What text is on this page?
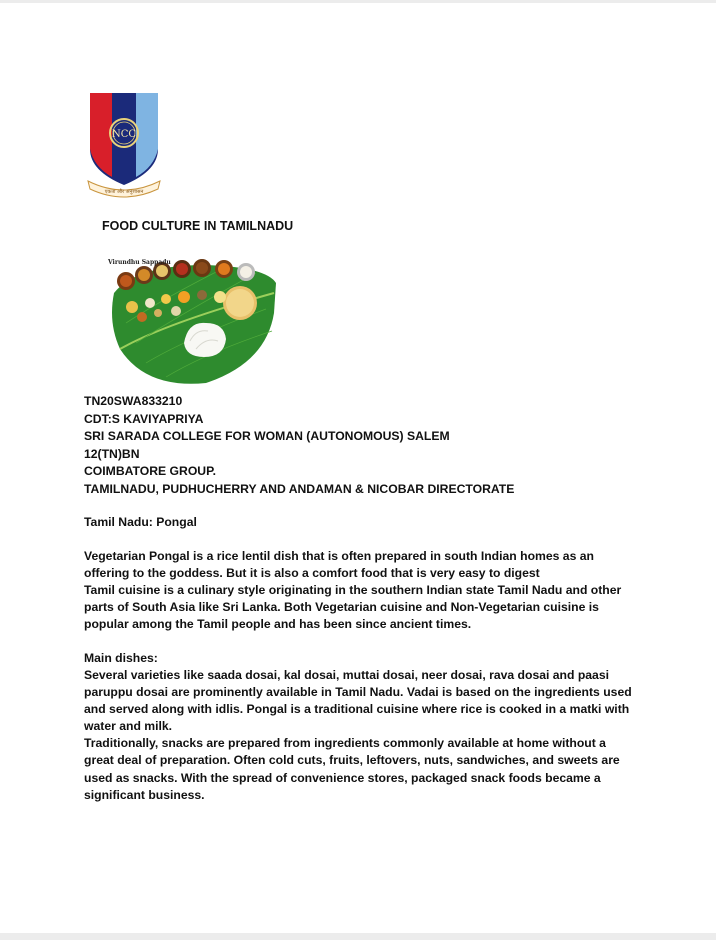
NCC
एकता और अनुशासन
FOOD CULTURE IN TAMILNADU
Virundhu Sappadu
TN20SWA833210
CDT:S KAVIYAPRIYA
SRI SARADA COLLEGE FOR WOMAN (AUTONOMOUS) SALEM
12(TN)BN
COIMBATORE GROUP.
TAMILNADU, PUDHUCHERRY AND ANDAMAN & NICOBAR DIRECTORATE
Tamil Nadu: Pongal

Vegetarian Pongal is a rice lentil dish that is often prepared in south Indian homes as an offering to the goddess. But it is also a comfort food that is very easy to digest

Tamil cuisine is a culinary style originating in the southern Indian state Tamil Nadu and other parts of South Asia like Sri Lanka. Both Vegetarian cuisine and Non-Vegetarian cuisine is popular among the Tamil people and has been since ancient times.

Main dishes:

Several varieties like saada dosai, kal dosai, muttai dosai, neer dosai, rava dosai and paasi paruppu dosai are prominently available in Tamil Nadu. Vadai is based on the ingredients used and served along with idlis. Pongal is a traditional cuisine where rice is cooked in a matki with water and milk.

Traditionally, snacks are prepared from ingredients commonly available at home without a great deal of preparation. Often cold cuts, fruits, leftovers, nuts, sandwiches, and sweets are used as snacks. With the spread of convenience stores, packaged snack foods became a significant business.
